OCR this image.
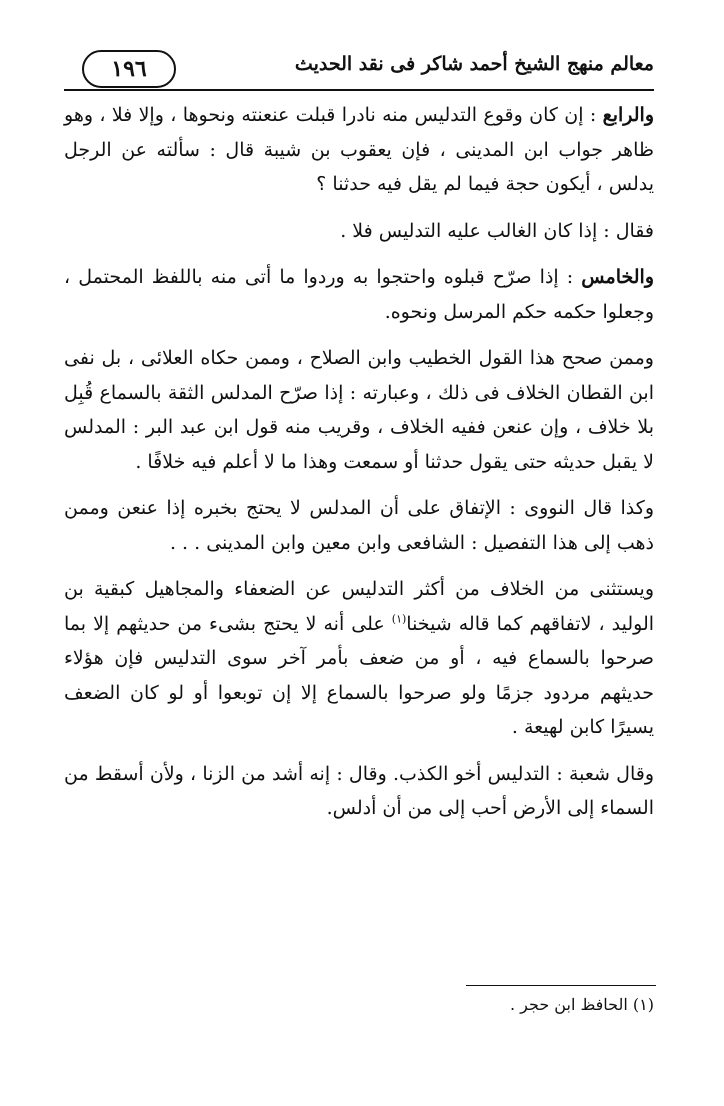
١٩٦	معالم منهج الشيخ أحمد شاكر فى نقد الحديث

والرابع : إن كان وقوع التدليس منه نادرا قبلت عنعنته ونحوها ، وإلا فلا ، وهو ظاهر جواب ابن المدينى ، فإن يعقوب بن شيبة قال : سألته عن الرجل يدلس ، أيكون حجة فيما لم يقل فيه حدثنا ؟

فقال : إذا كان الغالب عليه التدليس فلا .

والخامس : إذا صرّح قبلوه واحتجوا به وردوا ما أتى منه باللفظ المحتمل ، وجعلوا حكمه حكم المرسل ونحوه.

وممن صحح هذا القول الخطيب وابن الصلاح ، وممن حكاه العلائى ، بل نفى ابن القطان الخلاف فى ذلك ، وعبارته : إذا صرّح المدلس الثقة بالسماع قُبِل بلا خلاف ، وإن عنعن ففيه الخلاف ، وقريب منه قول ابن عبد البر : المدلس لا يقبل حديثه حتى يقول حدثنا أو سمعت وهذا ما لا أعلم فيه خلافًا .

وكذا قال النووى : الإتفاق على أن المدلس لا يحتج بخبره إذا عنعن وممن ذهب إلى هذا التفصيل : الشافعى وابن معين وابن المدينى . . .

ويستثنى من الخلاف من أكثر التدليس عن الضعفاء والمجاهيل كبقية بن الوليد ، لاتفاقهم كما قاله شيخنا$^{(١)}$ على أنه لا يحتج بشىء من حديثهم إلا بما صرحوا بالسماع فيه ، أو من ضعف بأمر آخر سوى التدليس فإن هؤلاء حديثهم مردود جزمًا ولو صرحوا بالسماع إلا إن توبعوا أو لو كان الضعف يسيرًا كابن لهيعة .

وقال شعبة : التدليس أخو الكذب. وقال : إنه أشد من الزنا ، ولأن أسقط من السماء إلى الأرض أحب إلى من أن أدلس.

(١) الحافظ ابن حجر .
